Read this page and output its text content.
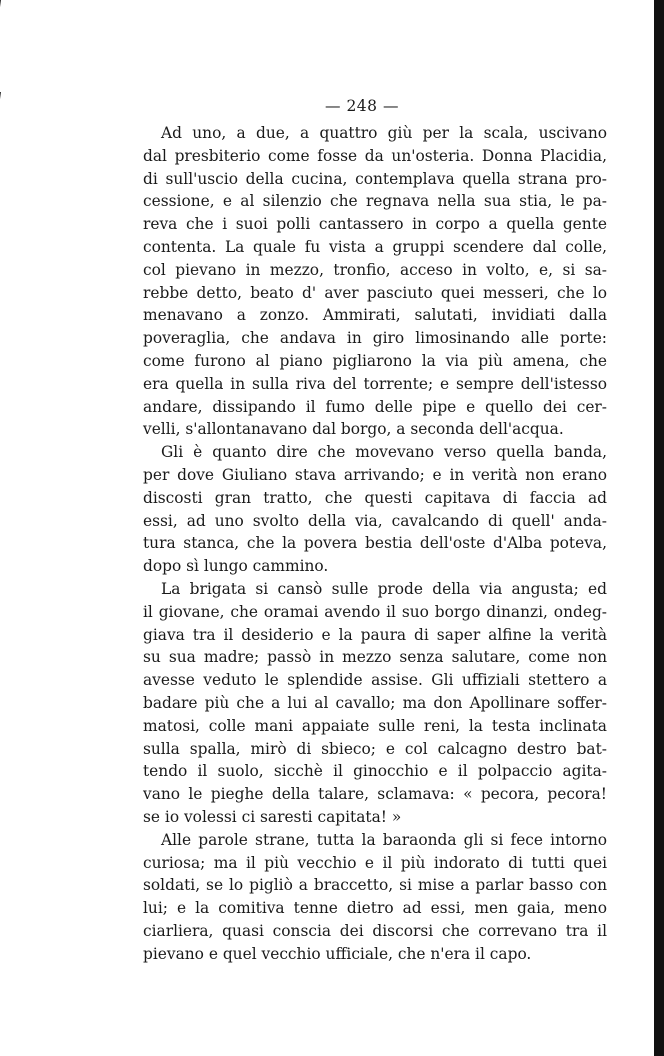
— 248 —
Ad uno, a due, a quattro giù per la scala, uscivano
dal presbiterio come fosse da un'osteria. Donna Placidia,
di sull'uscio della cucina, contemplava quella strana pro-
cessione, e al silenzio che regnava nella sua stia, le pa-
reva che i suoi polli cantassero in corpo a quella gente
contenta. La quale fu vista a gruppi scendere dal colle,
col pievano in mezzo, tronfio, acceso in volto, e, si sa-
rebbe detto, beato d' aver pasciuto quei messeri, che lo
menavano a zonzo. Ammirati, salutati, invidiati dalla
poveraglia, che andava in giro limosinando alle porte:
come furono al piano pigliarono la via più amena, che
era quella in sulla riva del torrente; e sempre dell'istesso
andare, dissipando il fumo delle pipe e quello dei cer-
velli, s'allontanavano dal borgo, a seconda dell'acqua.
Gli è quanto dire che movevano verso quella banda,
per dove Giuliano stava arrivando; e in verità non erano
discosti gran tratto, che questi capitava di faccia ad
essi, ad uno svolto della via, cavalcando di quell' anda-
tura stanca, che la povera bestia dell'oste d'Alba poteva,
dopo sì lungo cammino.
La brigata si cansò sulle prode della via angusta; ed
il giovane, che oramai avendo il suo borgo dinanzi, ondeg-
giava tra il desiderio e la paura di saper alfine la verità
su sua madre; passò in mezzo senza salutare, come non
avesse veduto le splendide assise. Gli uffiziali stettero a
badare più che a lui al cavallo; ma don Apollinare soffer-
matosi, colle mani appaiate sulle reni, la testa inclinata
sulla spalla, mirò di sbieco; e col calcagno destro bat-
tendo il suolo, sicchè il ginocchio e il polpaccio agita-
vano le pieghe della talare, sclamava: « pecora, pecora!
se io volessi ci saresti capitata! »
Alle parole strane, tutta la baraonda gli si fece intorno
curiosa; ma il più vecchio e il più indorato di tutti quei
soldati, se lo pigliò a braccetto, si mise a parlar basso con
lui; e la comitiva tenne dietro ad essi, men gaia, meno
ciarliera, quasi conscia dei discorsi che correvano tra il
pievano e quel vecchio ufficiale, che n'era il capo.
